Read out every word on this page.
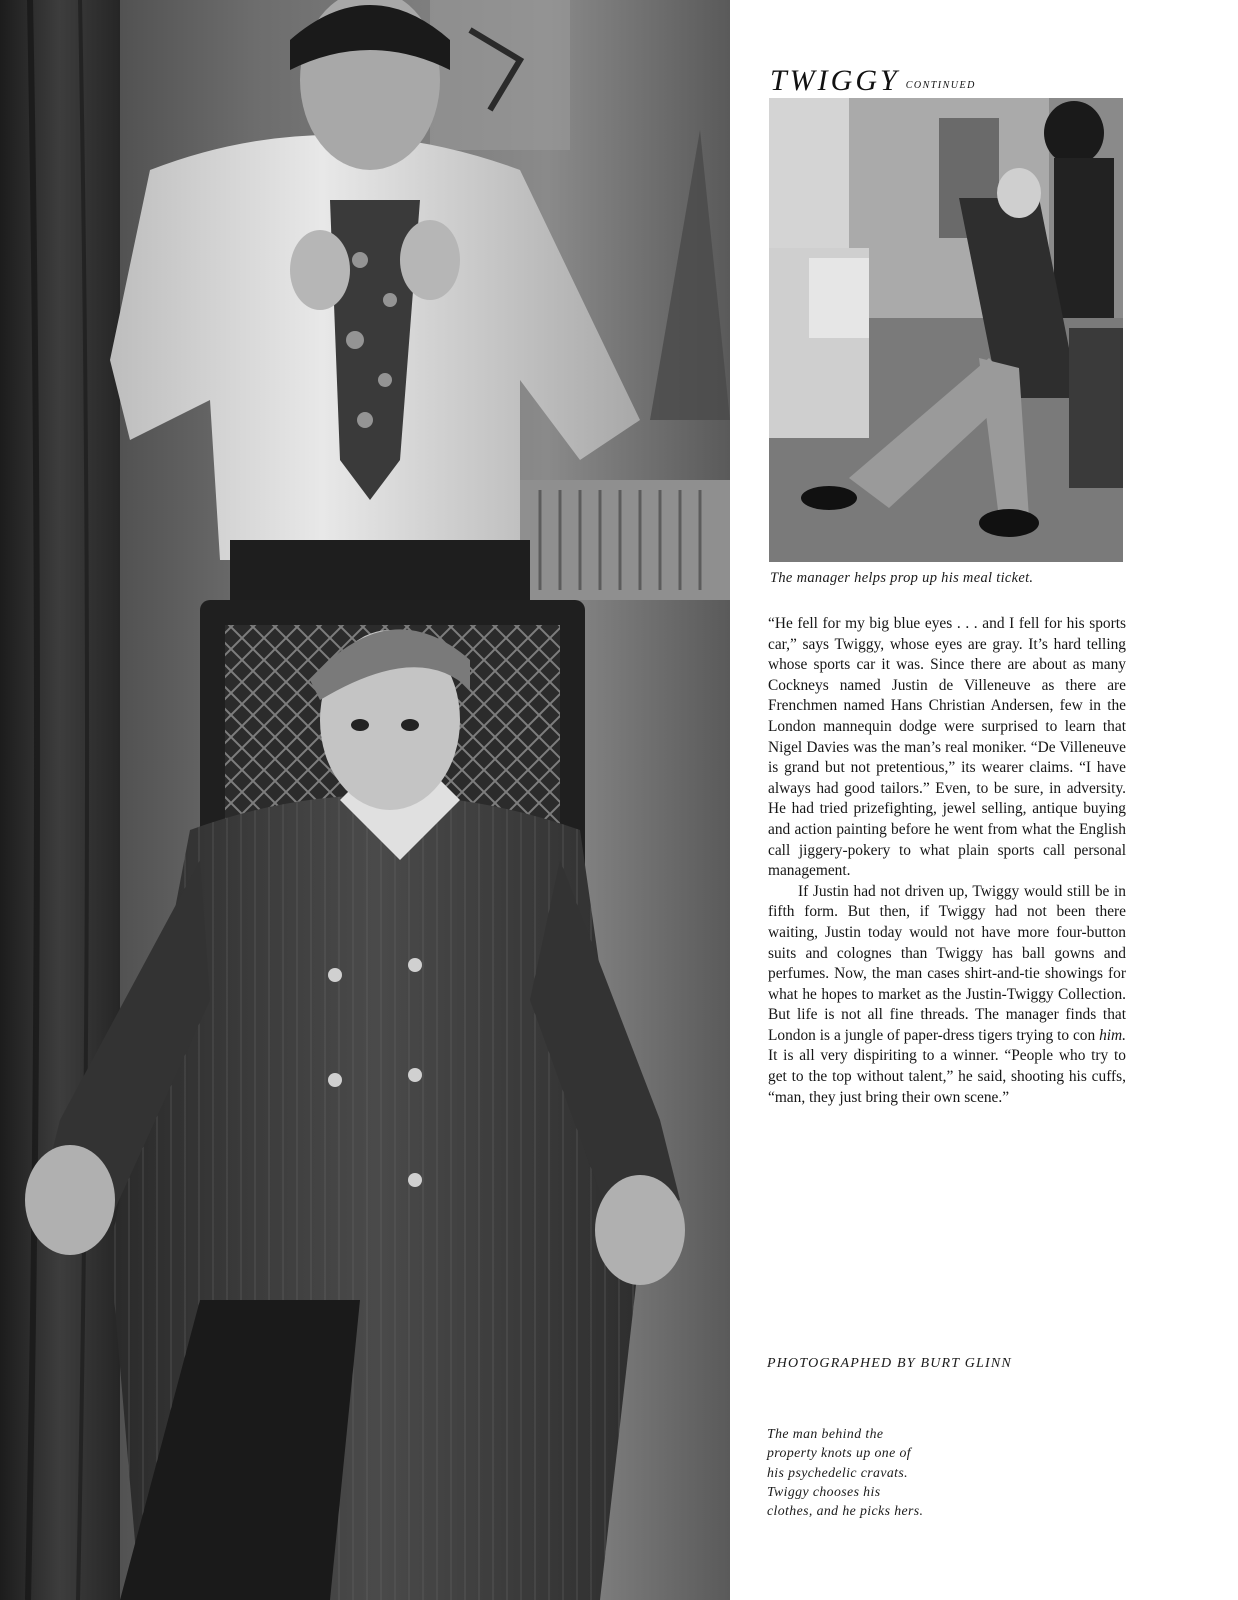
TWIGGY CONTINUED
The manager helps prop up his meal ticket.

“He fell for my big blue eyes . . . and I fell for his sports car,” says Twiggy, whose eyes are gray. It’s hard telling whose sports car it was. Since there are about as many Cockneys named Justin de Villeneuve as there are Frenchmen named Hans Christian Andersen, few in the London mannequin dodge were surprised to learn that Nigel Davies was the man’s real moniker. “De Villeneuve is grand but not pretentious,” its wearer claims. “I have always had good tailors.” Even, to be sure, in adversity. He had tried prizefighting, jewel selling, antique buying and action painting before he went from what the English call jiggery-pokery to what plain sports call personal management.

If Justin had not driven up, Twiggy would still be in fifth form. But then, if Twiggy had not been there waiting, Justin today would not have more four-button suits and colognes than Twiggy has ball gowns and perfumes. Now, the man cases shirt-and-tie showings for what he hopes to market as the Justin-Twiggy Collection. But life is not all fine threads. The manager finds that London is a jungle of paper-dress tigers trying to con him. It is all very dispiriting to a winner. “People who try to get to the top without talent,” he said, shooting his cuffs, “man, they just bring their own scene.”

PHOTOGRAPHED BY BURT GLINN
The man behind the
property knots up one of
his psychedelic cravats.
Twiggy chooses his
clothes, and he picks hers.
